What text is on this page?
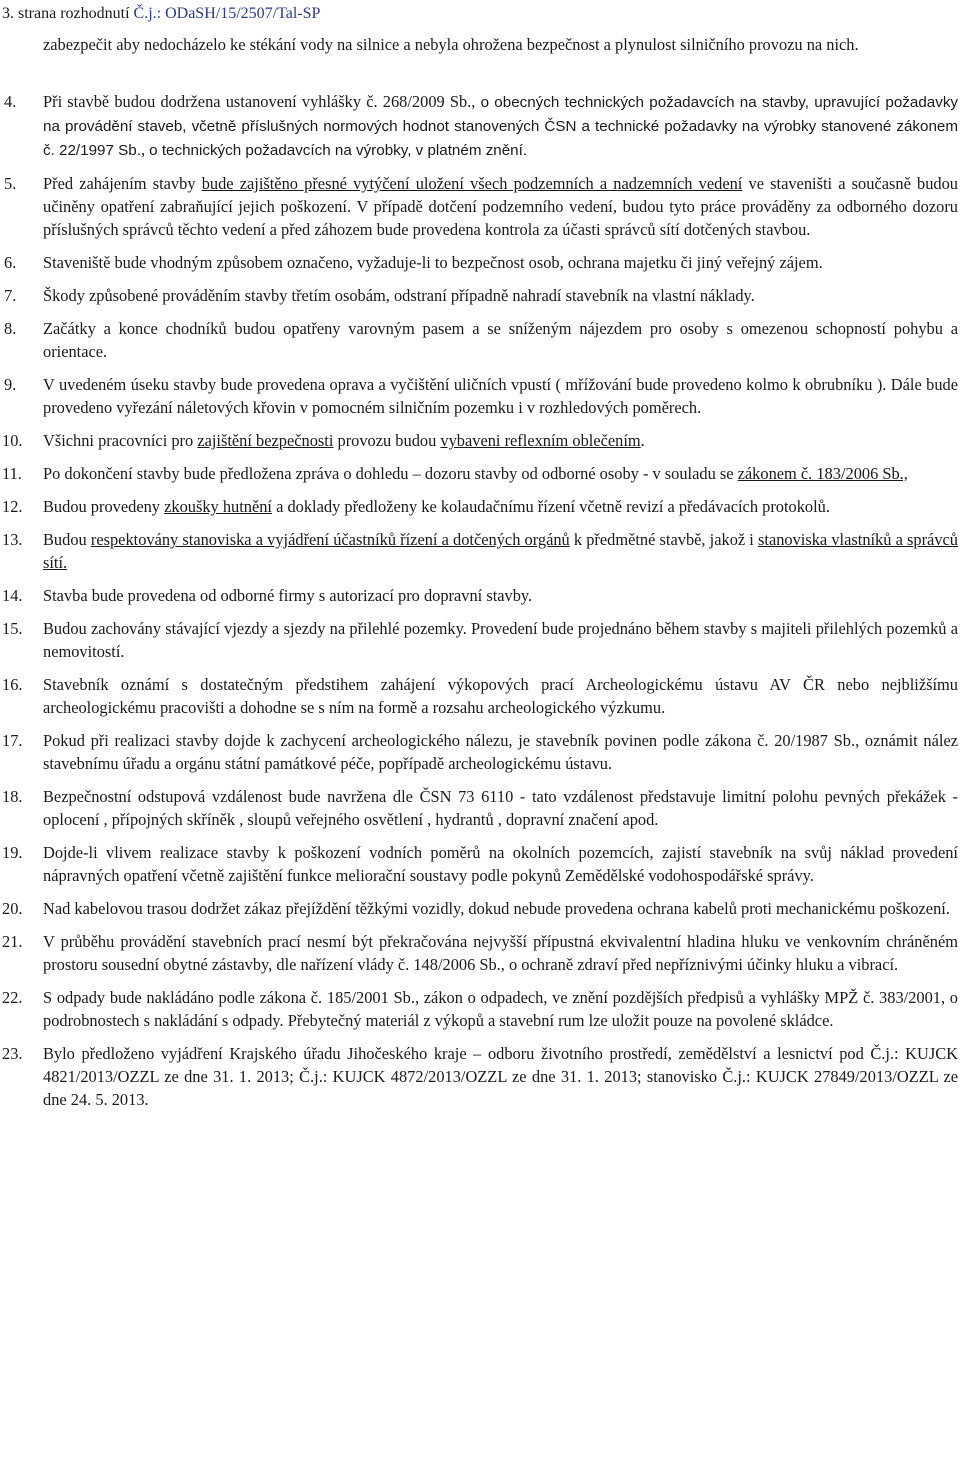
3. strana rozhodnutí Č.j.: ODaSH/15/2507/Tal-SP
zabezpečit aby nedocházelo ke stékání vody na silnice a nebyla ohrožena bezpečnost a plynulost silničního provozu na nich.
4. Při stavbě budou dodržena ustanovení vyhlášky č. 268/2009 Sb., o obecných technických požadavcích na stavby, upravující požadavky na provádění staveb, včetně příslušných normových hodnot stanovených ČSN a technické požadavky na výrobky stanovené zákonem č. 22/1997 Sb., o technických požadavcích na výrobky, v platném znění.
5. Před zahájením stavby bude zajištěno přesné vytýčení uložení všech podzemních a nadzemních vedení ve staveništi a současně budou učiněny opatření zabraňující jejich poškození. V případě dotčení podzemního vedení, budou tyto práce prováděny za odborného dozoru příslušných správců těchto vedení a před záhozem bude provedena kontrola za účasti správců sítí dotčených stavbou.
6. Staveniště bude vhodným způsobem označeno, vyžaduje-li to bezpečnost osob, ochrana majetku či jiný veřejný zájem.
7. Škody způsobené prováděním stavby třetím osobám, odstraní případně nahradí stavebník na vlastní náklady.
8. Začátky a konce chodníků budou opatřeny varovným pasem a se sníženým nájezdem pro osoby s omezenou schopností pohybu a orientace.
9. V uvedeném úseku stavby bude provedena oprava a vyčištění uličních vpustí ( mřížování bude provedeno kolmo k obrubníku ). Dále bude provedeno vyřezání náletových křovin v pomocném silničním pozemku i v rozhledových poměrech.
10. Všichni pracovníci pro zajištění bezpečnosti provozu budou vybaveni reflexním oblečením.
11. Po dokončení stavby bude předložena zpráva o dohledu – dozoru stavby od odborné osoby - v souladu se zákonem č. 183/2006 Sb.,
12. Budou provedeny zkoušky hutnění a doklady předloženy ke kolaudačnímu řízení včetně revizí a předávacích protokolů.
13. Budou respektovány stanoviska a vyjádření účastníků řízení a dotčených orgánů k předmětné stavbě, jakož i stanoviska vlastníků a správců sítí.
14. Stavba bude provedena od odborné firmy s autorizací pro dopravní stavby.
15. Budou zachovány stávající vjezdy a sjezdy na přilehlé pozemky. Provedení bude projednáno během stavby s majiteli přilehlých pozemků a nemovitostí.
16. Stavebník oznámí s dostatečným předstihem zahájení výkopových prací Archeologickému ústavu AV ČR nebo nejbližšímu archeologickému pracovišti a dohodne se s ním na formě a rozsahu archeologického výzkumu.
17. Pokud při realizaci stavby dojde k zachycení archeologického nálezu, je stavebník povinen podle zákona č. 20/1987 Sb., oznámit nález stavebnímu úřadu a orgánu státní památkové péče, popřípadě archeologickému ústavu.
18. Bezpečnostní odstupová vzdálenost bude navržena dle ČSN 73 6110 - tato vzdálenost představuje limitní polohu pevných překážek - oplocení , přípojných skříněk , sloupů veřejného osvětlení , hydrantů , dopravní značení apod.
19. Dojde-li vlivem realizace stavby k poškození vodních poměrů na okolních pozemcích, zajistí stavebník na svůj náklad provedení nápravných opatření včetně zajištění funkce meliorační soustavy podle pokynů Zemědělské vodohospodářské správy.
20. Nad kabelovou trasou dodržet zákaz přejíždění těžkými vozidly, dokud nebude provedena ochrana kabelů proti mechanickému poškození.
21. V průběhu provádění stavebních prací nesmí být překračována nejvyšší přípustná ekvivalentní hladina hluku ve venkovním chráněném prostoru sousední obytné zástavby, dle nařízení vlády č. 148/2006 Sb., o ochraně zdraví před nepříznivými účinky hluku a vibrací.
22. S odpady bude nakládáno podle zákona č. 185/2001 Sb., zákon o odpadech, ve znění pozdějších předpisů a vyhlášky MPŽ č. 383/2001, o podrobnostech s nakládání s odpady. Přebytečný materiál z výkopů a stavební rum lze uložit pouze na povolené skládce.
23. Bylo předloženo vyjádření Krajského úřadu Jihočeského kraje – odboru životního prostředí, zemědělství a lesnictví pod Č.j.: KUJCK 4821/2013/OZZL ze dne 31. 1. 2013; Č.j.: KUJCK 4872/2013/OZZL ze dne 31. 1. 2013; stanovisko Č.j.: KUJCK 27849/2013/OZZL ze dne 24. 5. 2013.
